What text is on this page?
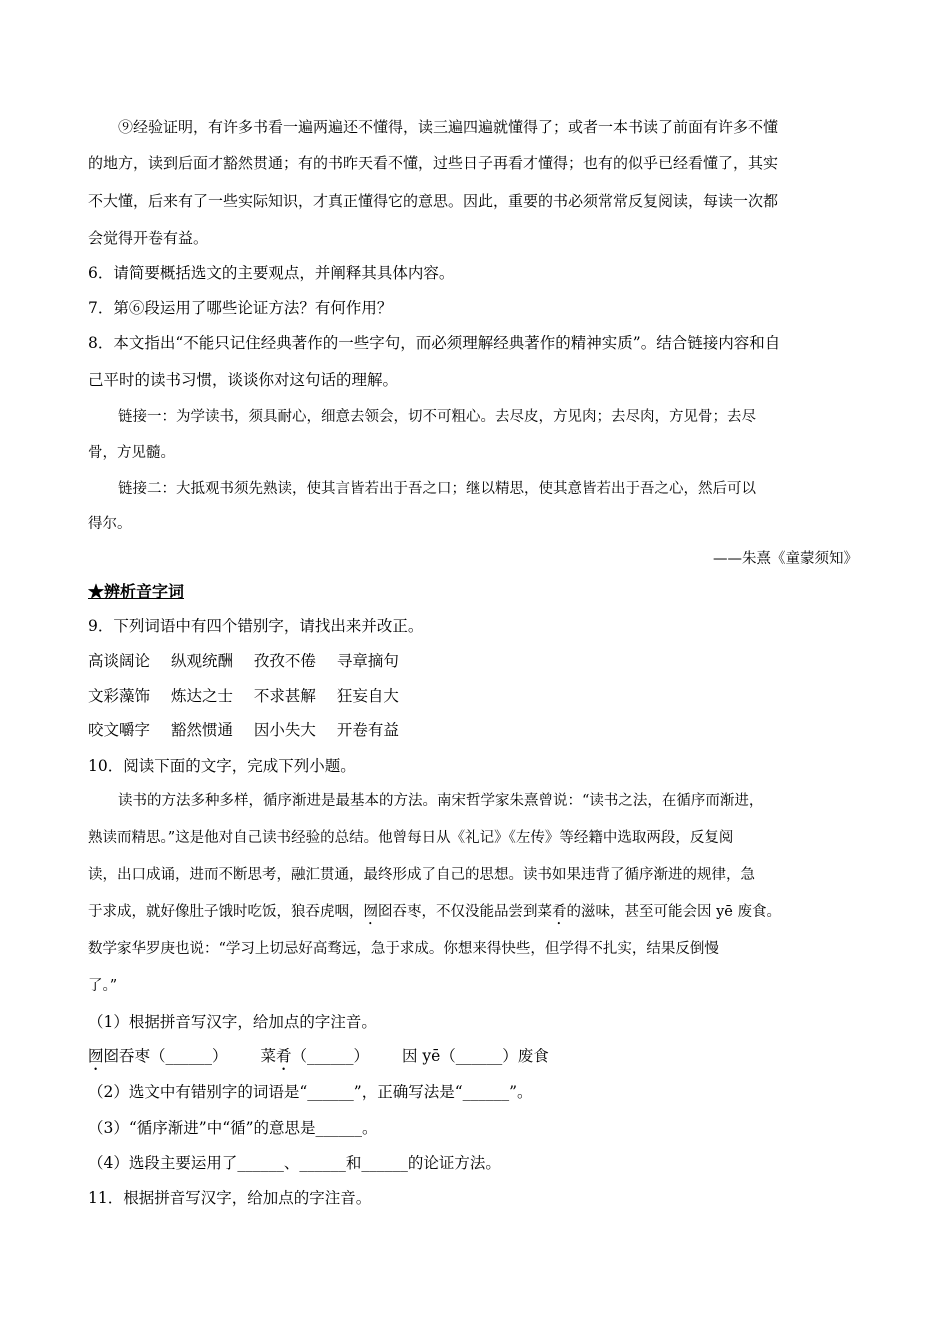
⑨经验证明，有许多书看一遍两遍还不懂得，读三遍四遍就懂得了；或者一本书读了前面有许多不懂
的地方，读到后面才豁然贯通；有的书昨天看不懂，过些日子再看才懂得；也有的似乎已经看懂了，其实
不大懂，后来有了一些实际知识，才真正懂得它的意思。因此，重要的书必须常常反复阅读，每读一次都
会觉得开卷有益。
6．请简要概括选文的主要观点，并阐释其具体内容。
7．第⑥段运用了哪些论证方法？有何作用？
8．本文指出“不能只记住经典著作的一些字句，而必须理解经典著作的精神实质”。结合链接内容和自
己平时的读书习惯，谈谈你对这句话的理解。
链接一：为学读书，须具耐心，细意去领会，切不可粗心。去尽皮，方见肉；去尽肉，方见骨；去尽
骨，方见髓。
链接二：大抵观书须先熟读，使其言皆若出于吾之口；继以精思，使其意皆若出于吾之心，然后可以
得尔。
——朱熹《童蒙须知》
★辨析音字词
9．下列词语中有四个错别字，请找出来并改正。
高谈阔论 纵观统酬 孜孜不倦 寻章摘句
文彩藻饰 炼达之士 不求甚解 狂妄自大
咬文嚼字 豁然惯通 因小失大 开卷有益
10．阅读下面的文字，完成下列小题。
读书的方法多种多样，循序渐进是最基本的方法。南宋哲学家朱熹曾说：“读书之法，在循序而渐进，
熟读而精思。”这是他对自己读书经验的总结。他曾每日从《礼记》《左传》等经籍中选取两段，反复阅
读，出口成诵，进而不断思考，融汇贯通，最终形成了自己的思想。读书如果违背了循序渐进的规律，急
于求成，就好像肚子饿时吃饭，狼吞虎咽，囫囵吞枣，不仅没能品尝到菜肴的滋味，甚至可能会因 yē 废食。
数学家华罗庚也说：“学习上切忌好高骛远，急于求成。你想来得快些，但学得不扎实，结果反倒慢
了。”
（1）根据拼音写汉字，给加点的字注音。
囫囵吞枣（______） 菜肴（______） 因 yē（______）废食
（2）选文中有错别字的词语是“______”，正确写法是“______”。
（3）“循序渐进”中“循”的意思是______。
（4）选段主要运用了______、______和______的论证方法。
11．根据拼音写汉字，给加点的字注音。
